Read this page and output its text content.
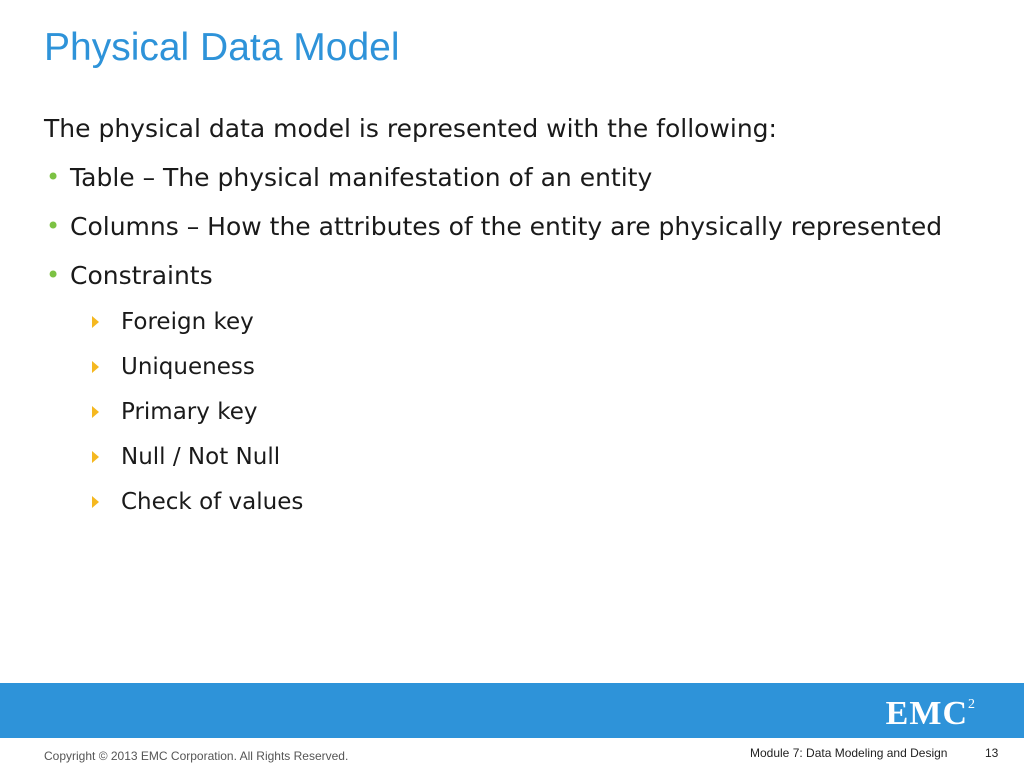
Physical Data Model
The physical data model is represented with the following:
• Table – The physical manifestation of an entity
• Columns – How the attributes of the entity are physically represented
• Constraints
Foreign key
Uniqueness
Primary key
Null / Not Null
Check of values
EMC$^2$
Copyright © 2013 EMC Corporation. All Rights Reserved.	Module 7: Data Modeling and Design	13
